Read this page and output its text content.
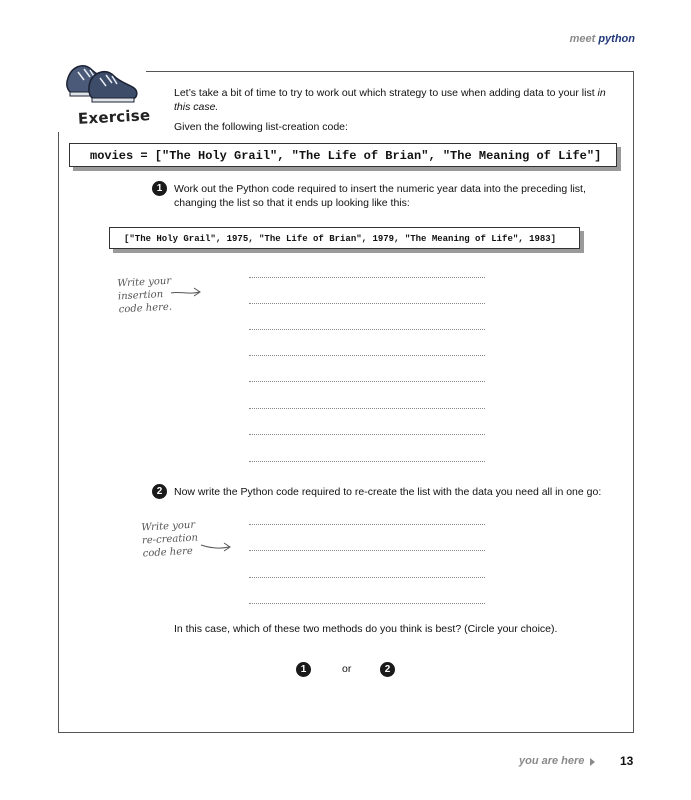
meet python
Exercise
Let’s take a bit of time to try to work out which strategy to use when adding data to your list in this case.
Given the following list-creation code:
movies = ["The Holy Grail", "The Life of Brian", "The Meaning of Life"]
1	Work out the Python code required to insert the numeric year data into the preceding list, changing the list so that it ends up looking like this:
["The Holy Grail", 1975, "The Life of Brian", 1979, "The Meaning of Life", 1983]
Write your
insertion
code here.
2	Now write the Python code required to re-create the list with the data you need all in one go:
Write your
re-creation
code here
In this case, which of these two methods do you think is best? (Circle your choice).
1	or	2
you are here	13
